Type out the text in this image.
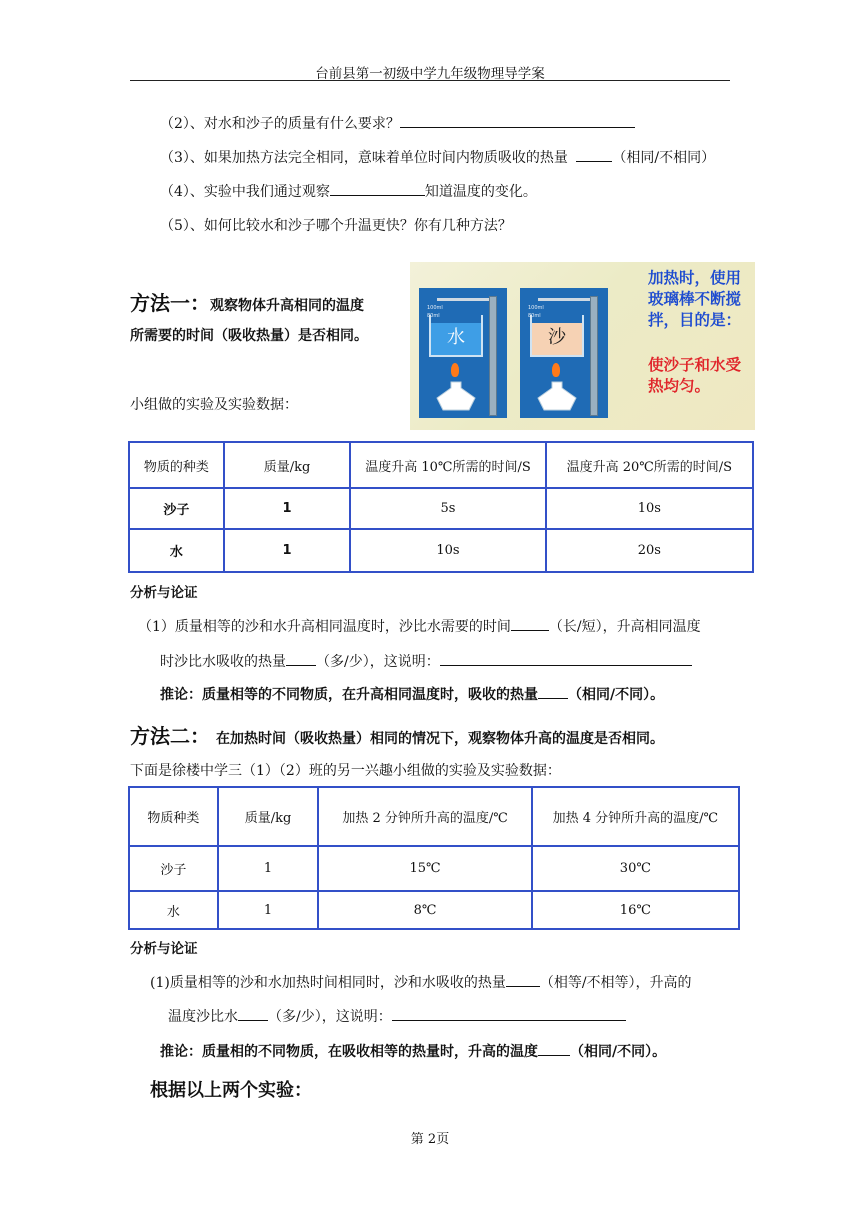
台前县第一初级中学九年级物理导学案
（2）、对水和沙子的质量有什么要求？
（3）、如果加热方法完全相同，意味着单位时间内物质吸收的热量	（相同/不相同）
（4）、实验中我们通过观察	知道温度的变化。
（5）、如何比较水和沙子哪个升温更快？你有几种方法？
方法一：观察物体升高相同的温度
所需要的时间（吸收热量）是否相同。
小组做的实验及实验数据：
100ml
80ml
水
100ml
80ml
沙
加热时，使用玻璃棒不断搅拌，目的是：
使沙子和水受热均匀。
物质的种类	质量/kg	温度升高 10℃所需的时间/S	温度升高 20℃所需的时间/S
沙子	1	5s	10s
水	1	10s	20s
分析与论证
（1）质量相等的沙和水升高相同温度时，沙比水需要的时间	（长/短），升高相同温度
时沙比水吸收的热量 （多/少），这说明：
推论：质量相等的不同物质，在升高相同温度时，吸收的热量 （相同/不同）。
方法二： 在加热时间（吸收热量）相同的情况下，观察物体升高的温度是否相同。
下面是徐楼中学三（1）（2）班的另一兴趣小组做的实验及实验数据：
物质种类	质量/kg	加热 2 分钟所升高的温度/℃	加热 4 分钟所升高的温度/℃
沙子	1	15℃	30℃
水	1	8℃	16℃
分析与论证
(1)质量相等的沙和水加热时间相同时，沙和水吸收的热量 （相等/不相等），升高的
温度沙比水 （多/少），这说明：
推论：质量相的不同物质，在吸收相等的热量时，升高的温度 （相同/不同）。
根据以上两个实验：
第 2页
